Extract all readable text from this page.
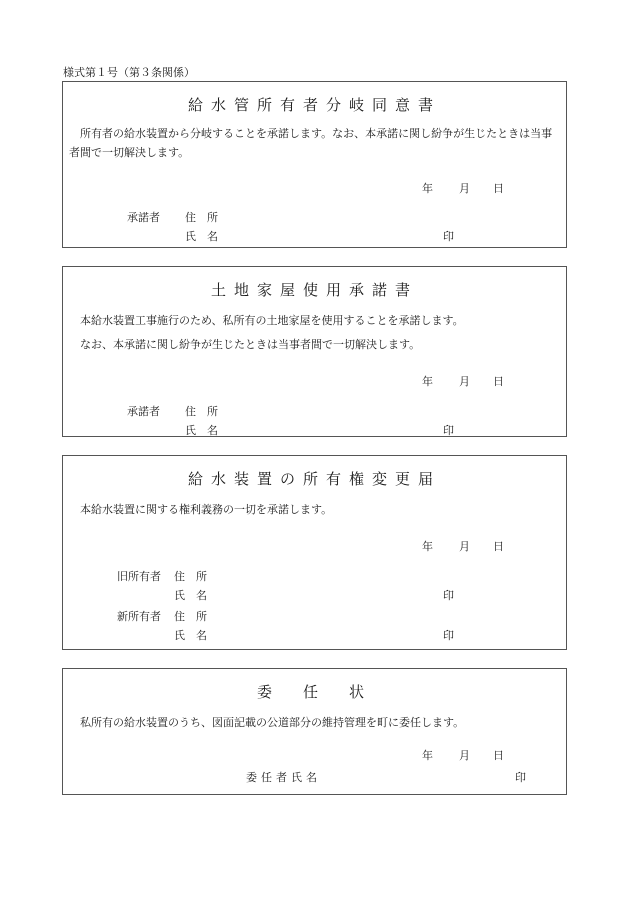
様式第１号（第３条関係）
給水管所有者分岐同意書
　所有者の給水装置から分岐することを承諾します。なお、本承諾に関し紛争が生じたときは当事者間で一切解決します。
年 月 日
承諾者 住　所
氏　名	印
土地家屋使用承諾書
本給水装置工事施行のため、私所有の土地家屋を使用することを承諾します。
なお、本承諾に関し紛争が生じたときは当事者間で一切解決します。
年 月 日
承諾者 住　所
氏　名	印
給水装置の所有権変更届
本給水装置に関する権利義務の一切を承諾します。
年 月 日
旧所有者 住　所
氏　名	印
新所有者 住　所
氏　名	印
委　任　状
私所有の給水装置のうち、図面記載の公道部分の維持管理を町に委任します。
年 月 日
委任者氏名	印
